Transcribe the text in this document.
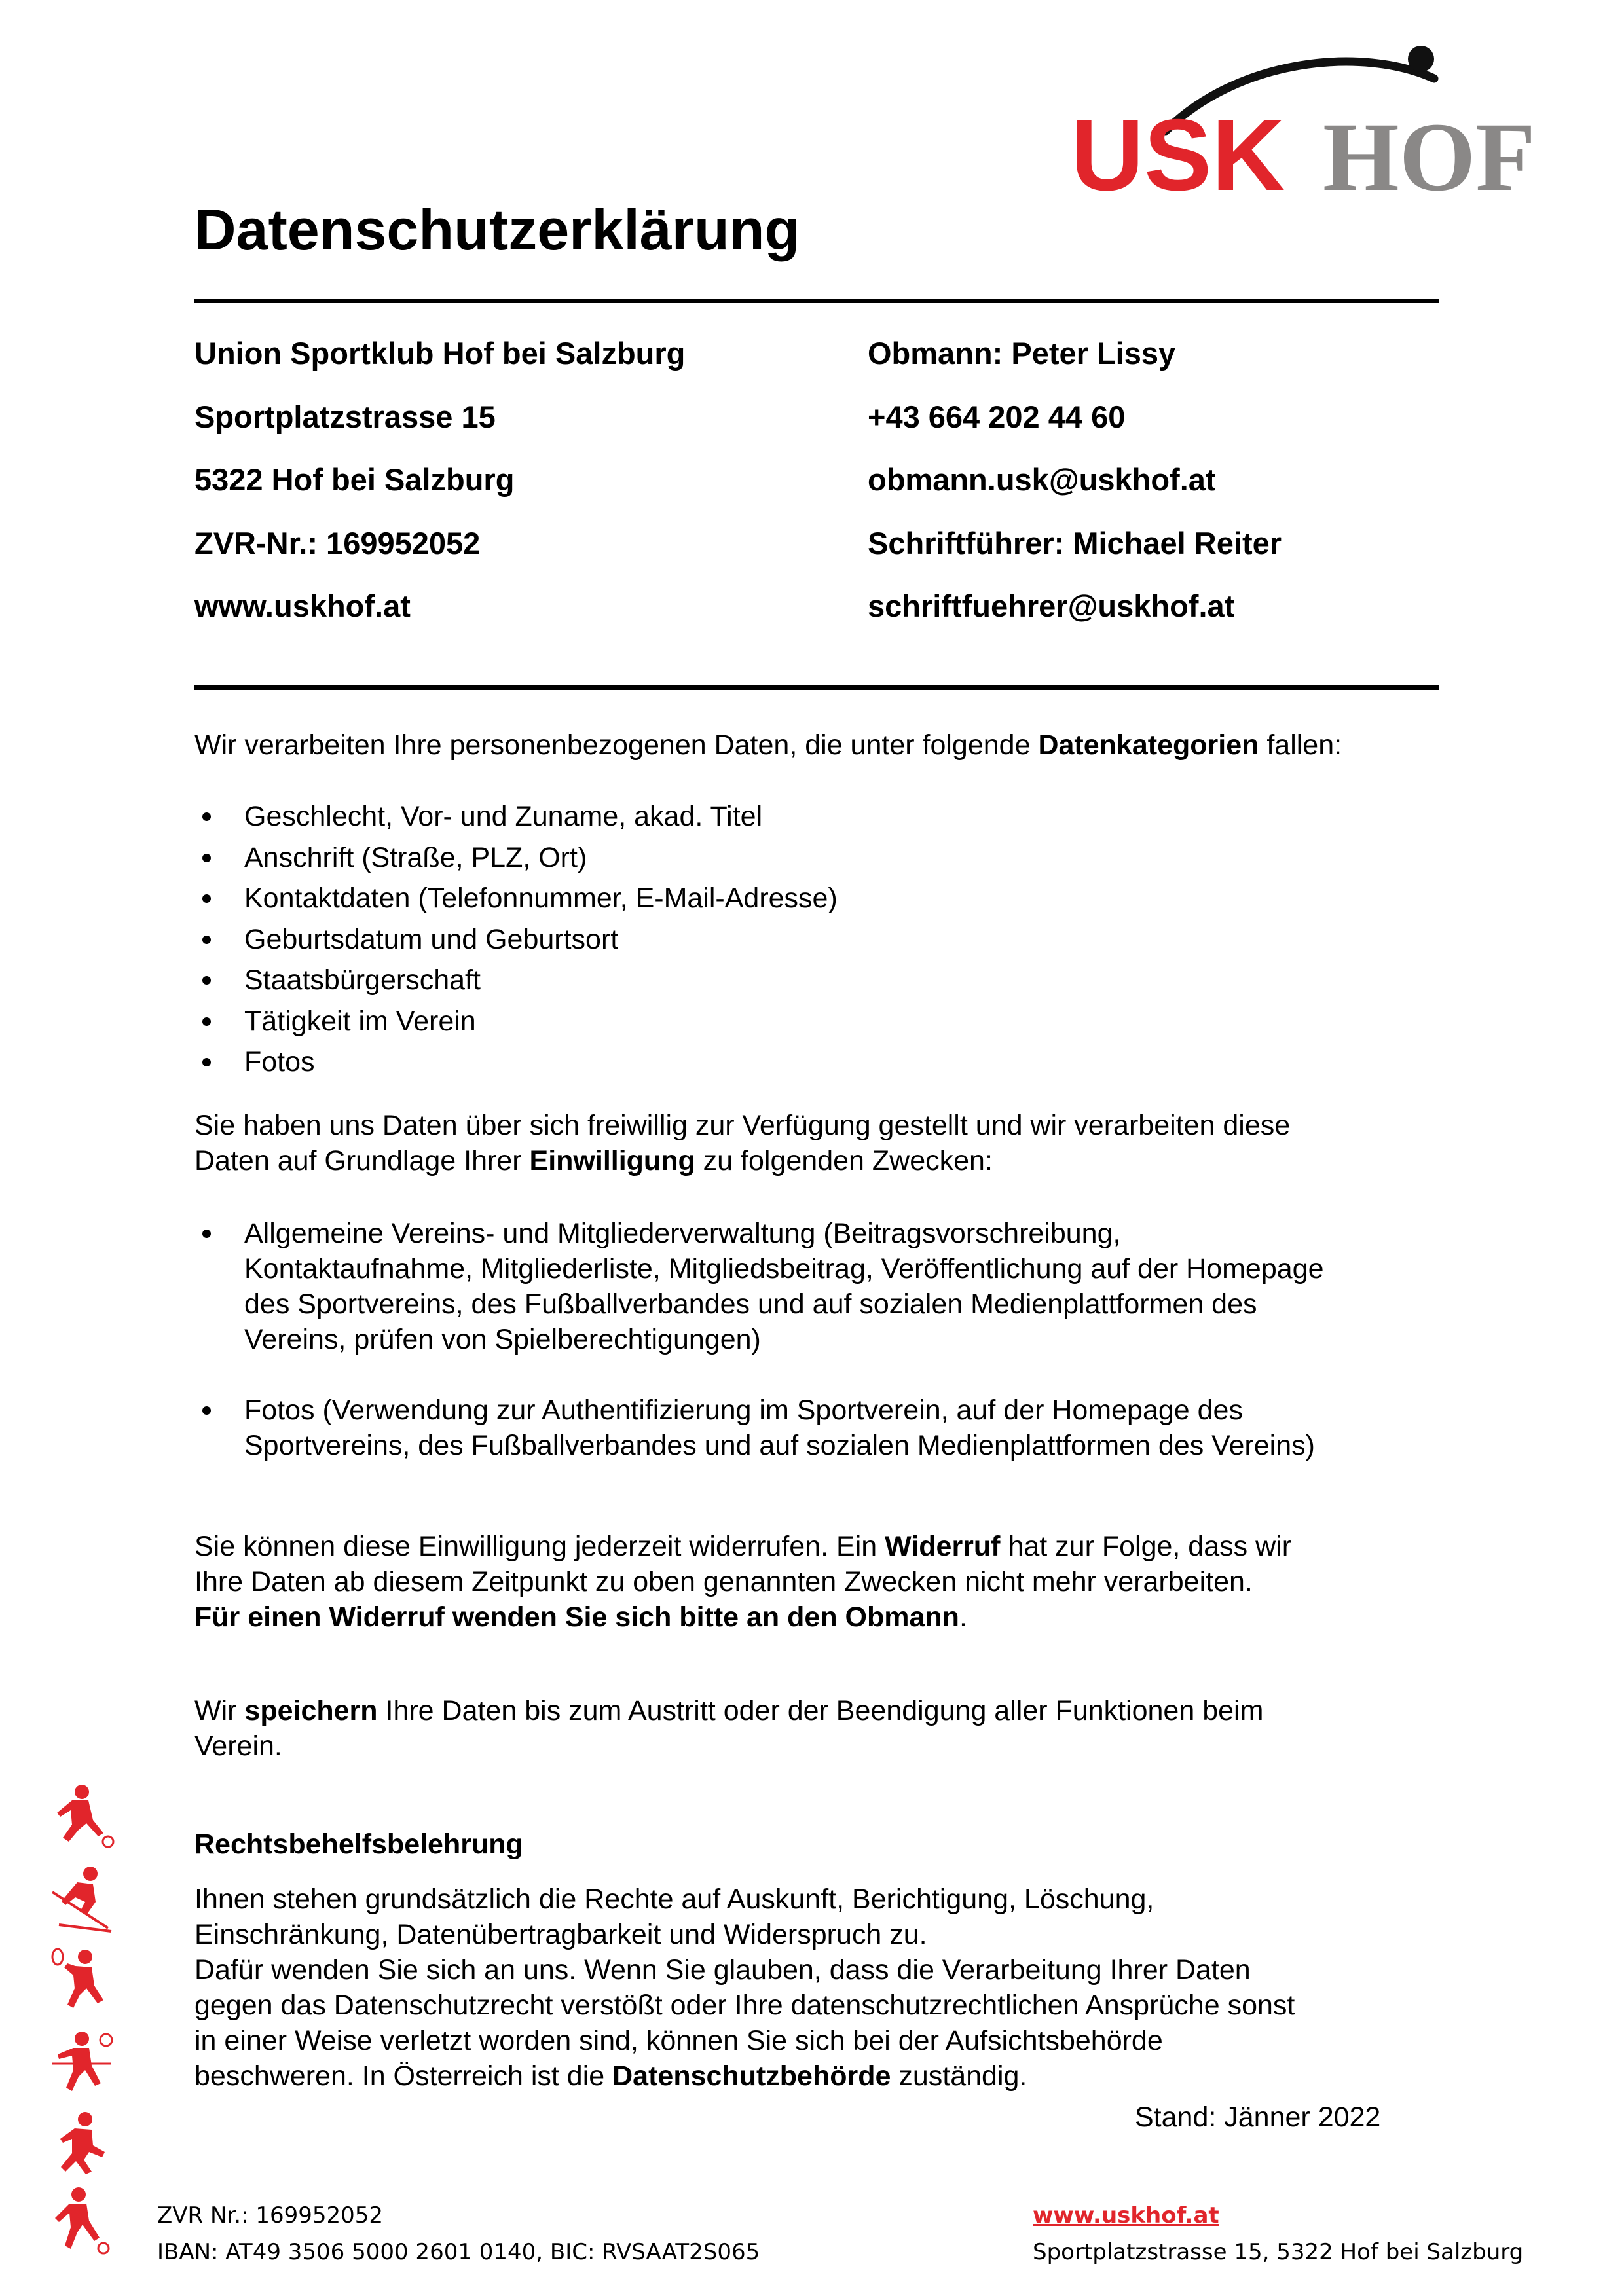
USK HOF
Datenschutzerklärung
Union Sportklub Hof bei Salzburg
Sportplatzstrasse 15
5322 Hof bei Salzburg
ZVR-Nr.: 169952052
www.uskhof.at
Obmann: Peter Lissy
+43 664 202 44 60
obmann.usk@uskhof.at
Schriftführer: Michael Reiter
schriftfuehrer@uskhof.at
Wir verarbeiten Ihre personenbezogenen Daten, die unter folgende Datenkategorien fallen:
Geschlecht, Vor- und Zuname, akad. Titel
Anschrift (Straße, PLZ, Ort)
Kontaktdaten (Telefonnummer, E-Mail-Adresse)
Geburtsdatum und Geburtsort
Staatsbürgerschaft
Tätigkeit im Verein
Fotos

Sie haben uns Daten über sich freiwillig zur Verfügung gestellt und wir verarbeiten diese

Daten auf Grundlage Ihrer Einwilligung zu folgenden Zwecken:

Allgemeine Vereins- und Mitgliederverwaltung (Beitragsvorschreibung,

Kontaktaufnahme, Mitgliederliste, Mitgliedsbeitrag, Veröffentlichung auf der Homepage

des Sportvereins, des Fußballverbandes und auf sozialen Medienplattformen des

Vereins, prüfen von Spielberechtigungen)

Fotos (Verwendung zur Authentifizierung im Sportverein, auf der Homepage des

Sportvereins, des Fußballverbandes und auf sozialen Medienplattformen des Vereins)

Sie können diese Einwilligung jederzeit widerrufen. Ein Widerruf hat zur Folge, dass wir

Ihre Daten ab diesem Zeitpunkt zu oben genannten Zwecken nicht mehr verarbeiten.

Für einen Widerruf wenden Sie sich bitte an den Obmann.

Wir speichern Ihre Daten bis zum Austritt oder der Beendigung aller Funktionen beim

Verein.

Rechtsbehelfsbelehrung

Ihnen stehen grundsätzlich die Rechte auf Auskunft, Berichtigung, Löschung,

Einschränkung, Datenübertragbarkeit und Widerspruch zu.

Dafür wenden Sie sich an uns. Wenn Sie glauben, dass die Verarbeitung Ihrer Daten

gegen das Datenschutzrecht verstößt oder Ihre datenschutzrechtlichen Ansprüche sonst

in einer Weise verletzt worden sind, können Sie sich bei der Aufsichtsbehörde

beschweren. In Österreich ist die Datenschutzbehörde zuständig.

Stand: Jänner 2022
ZVR Nr.: 169952052
IBAN: AT49 3506 5000 2601 0140, BIC: RVSAAT2S065
www.uskhof.at
Sportplatzstrasse 15, 5322 Hof bei Salzburg
